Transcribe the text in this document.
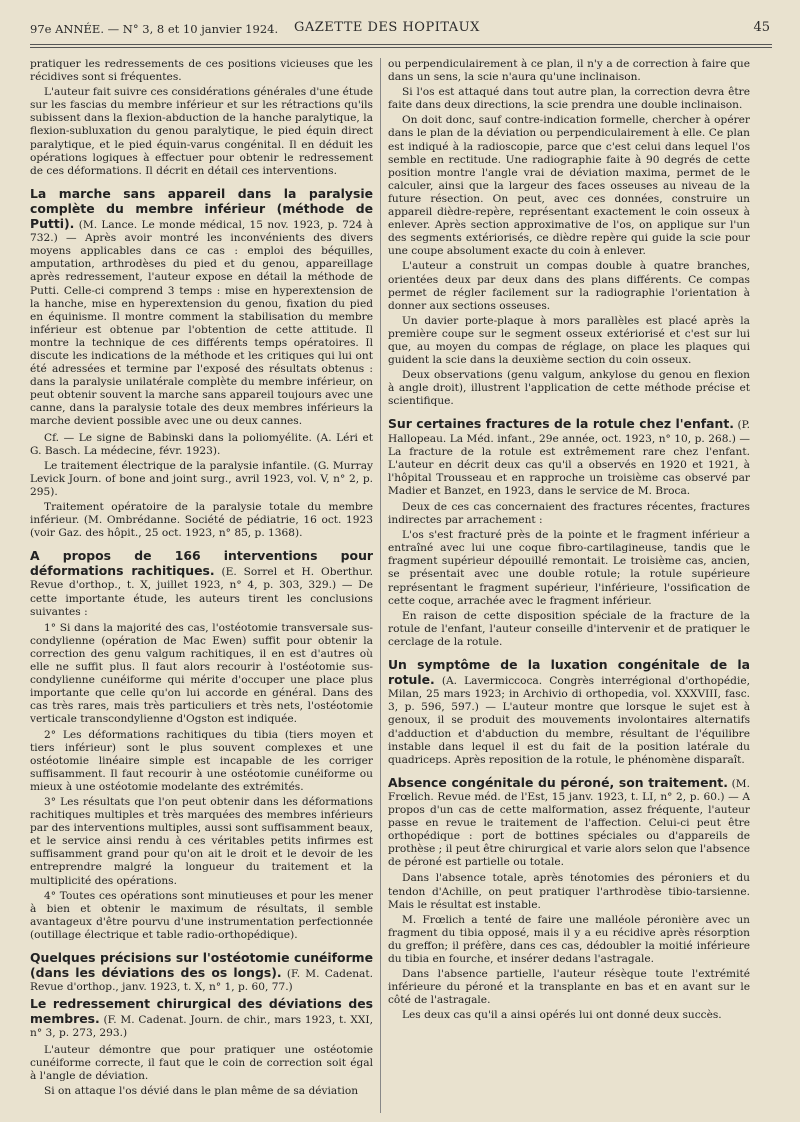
97e ANNÉE. — N° 3, 8 et 10 janvier 1924. GAZETTE DES HOPITAUX	45

pratiquer les redressements de ces positions vicieuses que les récidives sont si fréquentes.

L'auteur fait suivre ces considérations générales d'une étude sur les fascias du membre inférieur et sur les rétractions qu'ils subissent dans la flexion-abduction de la hanche paralytique, la flexion-subluxation du genou paralytique, le pied équin direct paralytique, et le pied équin-varus congénital. Il en déduit les opérations logiques à effectuer pour obtenir le redressement de ces déformations. Il décrit en détail ces interventions.

La marche sans appareil dans la paralysie complète du membre inférieur (méthode de Putti). (M. Lance. Le monde médical, 15 nov. 1923, p. 724 à 732.) — Après avoir montré les inconvénients des divers moyens applicables dans ce cas : emploi des béquilles, amputation, arthrodèses du pied et du genou, appareillage après redressement, l'auteur expose en détail la méthode de Putti. Celle-ci comprend 3 temps : mise en hyperextension de la hanche, mise en hyperextension du genou, fixation du pied en équinisme. Il montre comment la stabilisation du membre inférieur est obtenue par l'obtention de cette attitude. Il montre la technique de ces différents temps opératoires. Il discute les indications de la méthode et les critiques qui lui ont été adressées et termine par l'exposé des résultats obtenus : dans la paralysie unilatérale complète du membre inférieur, on peut obtenir souvent la marche sans appareil toujours avec une canne, dans la paralysie totale des deux membres inférieurs la marche devient possible avec une ou deux cannes.

Cf. — Le signe de Babinski dans la poliomyélite. (A. Léri et G. Basch. La médecine, févr. 1923).

Le traitement électrique de la paralysie infantile. (G. Murray Levick Journ. of bone and joint surg., avril 1923, vol. V, n° 2, p. 295).

Traitement opératoire de la paralysie totale du membre inférieur. (M. Ombrédanne. Société de pédiatrie, 16 oct. 1923 (voir Gaz. des hôpit., 25 oct. 1923, n° 85, p. 1368).

A propos de 166 interventions pour déformations rachitiques. (E. Sorrel et H. Oberthur. Revue d'orthop., t. X, juillet 1923, n° 4, p. 303, 329.) — De cette importante étude, les auteurs tirent les conclusions suivantes :

1° Si dans la majorité des cas, l'ostéotomie transversale sus-condylienne (opération de Mac Ewen) suffit pour obtenir la correction des genu valgum rachitiques, il en est d'autres où elle ne suffit plus. Il faut alors recourir à l'ostéotomie sus-condylienne cunéiforme qui mérite d'occuper une place plus importante que celle qu'on lui accorde en général. Dans des cas très rares, mais très particuliers et très nets, l'ostéotomie verticale transcondylienne d'Ogston est indiquée.

2° Les déformations rachitiques du tibia (tiers moyen et tiers inférieur) sont le plus souvent complexes et une ostéotomie linéaire simple est incapable de les corriger suffisamment. Il faut recourir à une ostéotomie cunéiforme ou mieux à une ostéotomie modelante des extrémités.

3° Les résultats que l'on peut obtenir dans les déformations rachitiques multiples et très marquées des membres inférieurs par des interventions multiples, aussi sont suffisamment beaux, et le service ainsi rendu à ces véritables petits infirmes est suffisamment grand pour qu'on ait le droit et le devoir de les entreprendre malgré la longueur du traitement et la multiplicité des opérations.

4° Toutes ces opérations sont minutieuses et pour les mener à bien et obtenir le maximum de résultats, il semble avantageux d'être pourvu d'une instrumentation perfectionnée (outillage électrique et table radio-orthopédique).

Quelques précisions sur l'ostéotomie cunéiforme (dans les déviations des os longs). (F. M. Cadenat. Revue d'orthop., janv. 1923, t. X, n° 1, p. 60, 77.)
Le redressement chirurgical des déviations des membres. (F. M. Cadenat. Journ. de chir., mars 1923, t. XXI, n° 3, p. 273, 293.)

L'auteur démontre que pour pratiquer une ostéotomie cunéiforme correcte, il faut que le coin de correction soit égal à l'angle de déviation.

Si on attaque l'os dévié dans le plan même de sa déviation

ou perpendiculairement à ce plan, il n'y a de correction à faire que dans un sens, la scie n'aura qu'une inclinaison.

Si l'os est attaqué dans tout autre plan, la correction devra être faite dans deux directions, la scie prendra une double inclinaison.

On doit donc, sauf contre-indication formelle, chercher à opérer dans le plan de la déviation ou perpendiculairement à elle. Ce plan est indiqué à la radioscopie, parce que c'est celui dans lequel l'os semble en rectitude. Une radiographie faite à 90 degrés de cette position montre l'angle vrai de déviation maxima, permet de le calculer, ainsi que la largeur des faces osseuses au niveau de la future résection. On peut, avec ces données, construire un appareil dièdre-repère, représentant exactement le coin osseux à enlever. Après section approximative de l'os, on applique sur l'un des segments extériorisés, ce dièdre repère qui guide la scie pour une coupe absolument exacte du coin à enlever.

L'auteur a construit un compas double à quatre branches, orientées deux par deux dans des plans différents. Ce compas permet de régler facilement sur la radiographie l'orientation à donner aux sections osseuses.

Un davier porte-plaque à mors parallèles est placé après la première coupe sur le segment osseux extériorisé et c'est sur lui que, au moyen du compas de réglage, on place les plaques qui guident la scie dans la deuxième section du coin osseux.

Deux observations (genu valgum, ankylose du genou en flexion à angle droit), illustrent l'application de cette méthode précise et scientifique.

Sur certaines fractures de la rotule chez l'enfant. (P. Hallopeau. La Méd. infant., 29e année, oct. 1923, n° 10, p. 268.) — La fracture de la rotule est extrêmement rare chez l'enfant. L'auteur en décrit deux cas qu'il a observés en 1920 et 1921, à l'hôpital Trousseau et en rapproche un troisième cas observé par Madier et Banzet, en 1923, dans le service de M. Broca.

Deux de ces cas concernaient des fractures récentes, fractures indirectes par arrachement :

L'os s'est fracturé près de la pointe et le fragment inférieur a entraîné avec lui une coque fibro-cartilagineuse, tandis que le fragment supérieur dépouillé remontait. Le troisième cas, ancien, se présentait avec une double rotule; la rotule supérieure représentant le fragment supérieur, l'inférieure, l'ossification de cette coque, arrachée avec le fragment inférieur.

En raison de cette disposition spéciale de la fracture de la rotule de l'enfant, l'auteur conseille d'intervenir et de pratiquer le cerclage de la rotule.

Un symptôme de la luxation congénitale de la rotule. (A. Lavermiccoca. Congrès interrégional d'orthopédie, Milan, 25 mars 1923; in Archivio di orthopedia, vol. XXXVIII, fasc. 3, p. 596, 597.) — L'auteur montre que lorsque le sujet est à genoux, il se produit des mouvements involontaires alternatifs d'adduction et d'abduction du membre, résultant de l'équilibre instable dans lequel il est du fait de la position latérale du quadriceps. Après reposition de la rotule, le phénomène disparaît.
Absence congénitale du péroné, son traitement. (M. Frœlich. Revue méd. de l'Est, 15 janv. 1923, t. LI, n° 2, p. 60.) — A propos d'un cas de cette malformation, assez fréquente, l'auteur passe en revue le traitement de l'affection. Celui-ci peut être orthopédique : port de bottines spéciales ou d'appareils de prothèse ; il peut être chirurgical et varie alors selon que l'absence de péroné est partielle ou totale.

Dans l'absence totale, après ténotomies des péroniers et du tendon d'Achille, on peut pratiquer l'arthrodèse tibio-tarsienne. Mais le résultat est instable.

M. Frœlich a tenté de faire une malléole péronière avec un fragment du tibia opposé, mais il y a eu récidive après résorption du greffon; il préfère, dans ces cas, dédoubler la moitié inférieure du tibia en fourche, et insérer dedans l'astragale.

Dans l'absence partielle, l'auteur résèque toute l'extrémité inférieure du péroné et la transplante en bas et en avant sur le côté de l'astragale.

Les deux cas qu'il a ainsi opérés lui ont donné deux succès.
